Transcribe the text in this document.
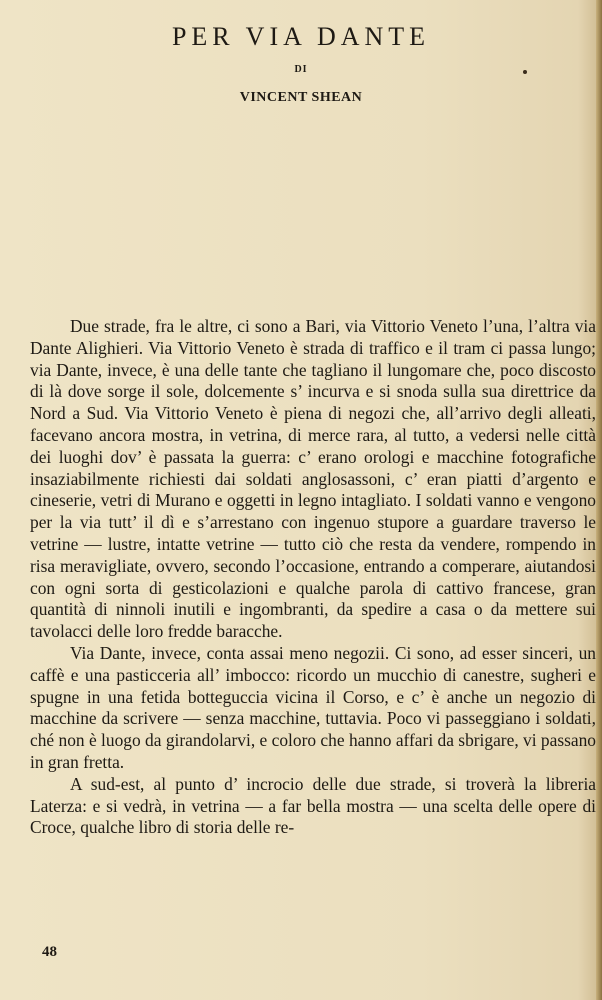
PER VIA DANTE
DI
VINCENT SHEAN

Due strade, fra le altre, ci sono a Bari, via Vittorio Veneto l’una, l’altra via Dante Alighieri. Via Vittorio Veneto è strada di traffico e il tram ci passa lungo; via Dante, invece, è una delle tante che tagliano il lungomare che, poco discosto di là dove sorge il sole, dolcemente s’ incurva e si snoda sulla sua direttrice da Nord a Sud. Via Vittorio Veneto è piena di negozi che, all’arrivo degli alleati, facevano ancora mostra, in vetrina, di merce rara, al tutto, a vedersi nelle città dei luoghi dov’ è passata la guerra: c’ erano orologi e macchine fotografiche insaziabilmente richiesti dai soldati anglosassoni, c’ eran piatti d’argento e cineserie, vetri di Murano e oggetti in legno intagliato. I soldati vanno e vengono per la via tutt’ il dì e s’arrestano con ingenuo stupore a guardare traverso le vetrine — lustre, intatte vetrine — tutto ciò che resta da vendere, rompendo in risa meravigliate, ovvero, secondo l’occasione, entrando a comperare, aiutandosi con ogni sorta di gesticolazioni e qualche parola di cattivo francese, gran quantità di ninnoli inutili e ingombranti, da spedire a casa o da mettere sui tavolacci delle loro fredde baracche.

Via Dante, invece, conta assai meno negozii. Ci sono, ad esser sinceri, un caffè e una pasticceria all’ imbocco: ricordo un mucchio di canestre, sugheri e spugne in una fetida botteguccia vicina il Corso, e c’ è anche un negozio di macchine da scrivere — senza macchine, tuttavia. Poco vi passeggiano i soldati, ché non è luogo da girandolarvi, e coloro che hanno affari da sbrigare, vi passano in gran fretta.

A sud-est, al punto d’ incrocio delle due strade, si troverà la libreria Laterza: e si vedrà, in vetrina — a far bella mostra — una scelta delle opere di Croce, qualche libro di storia delle re-

48
